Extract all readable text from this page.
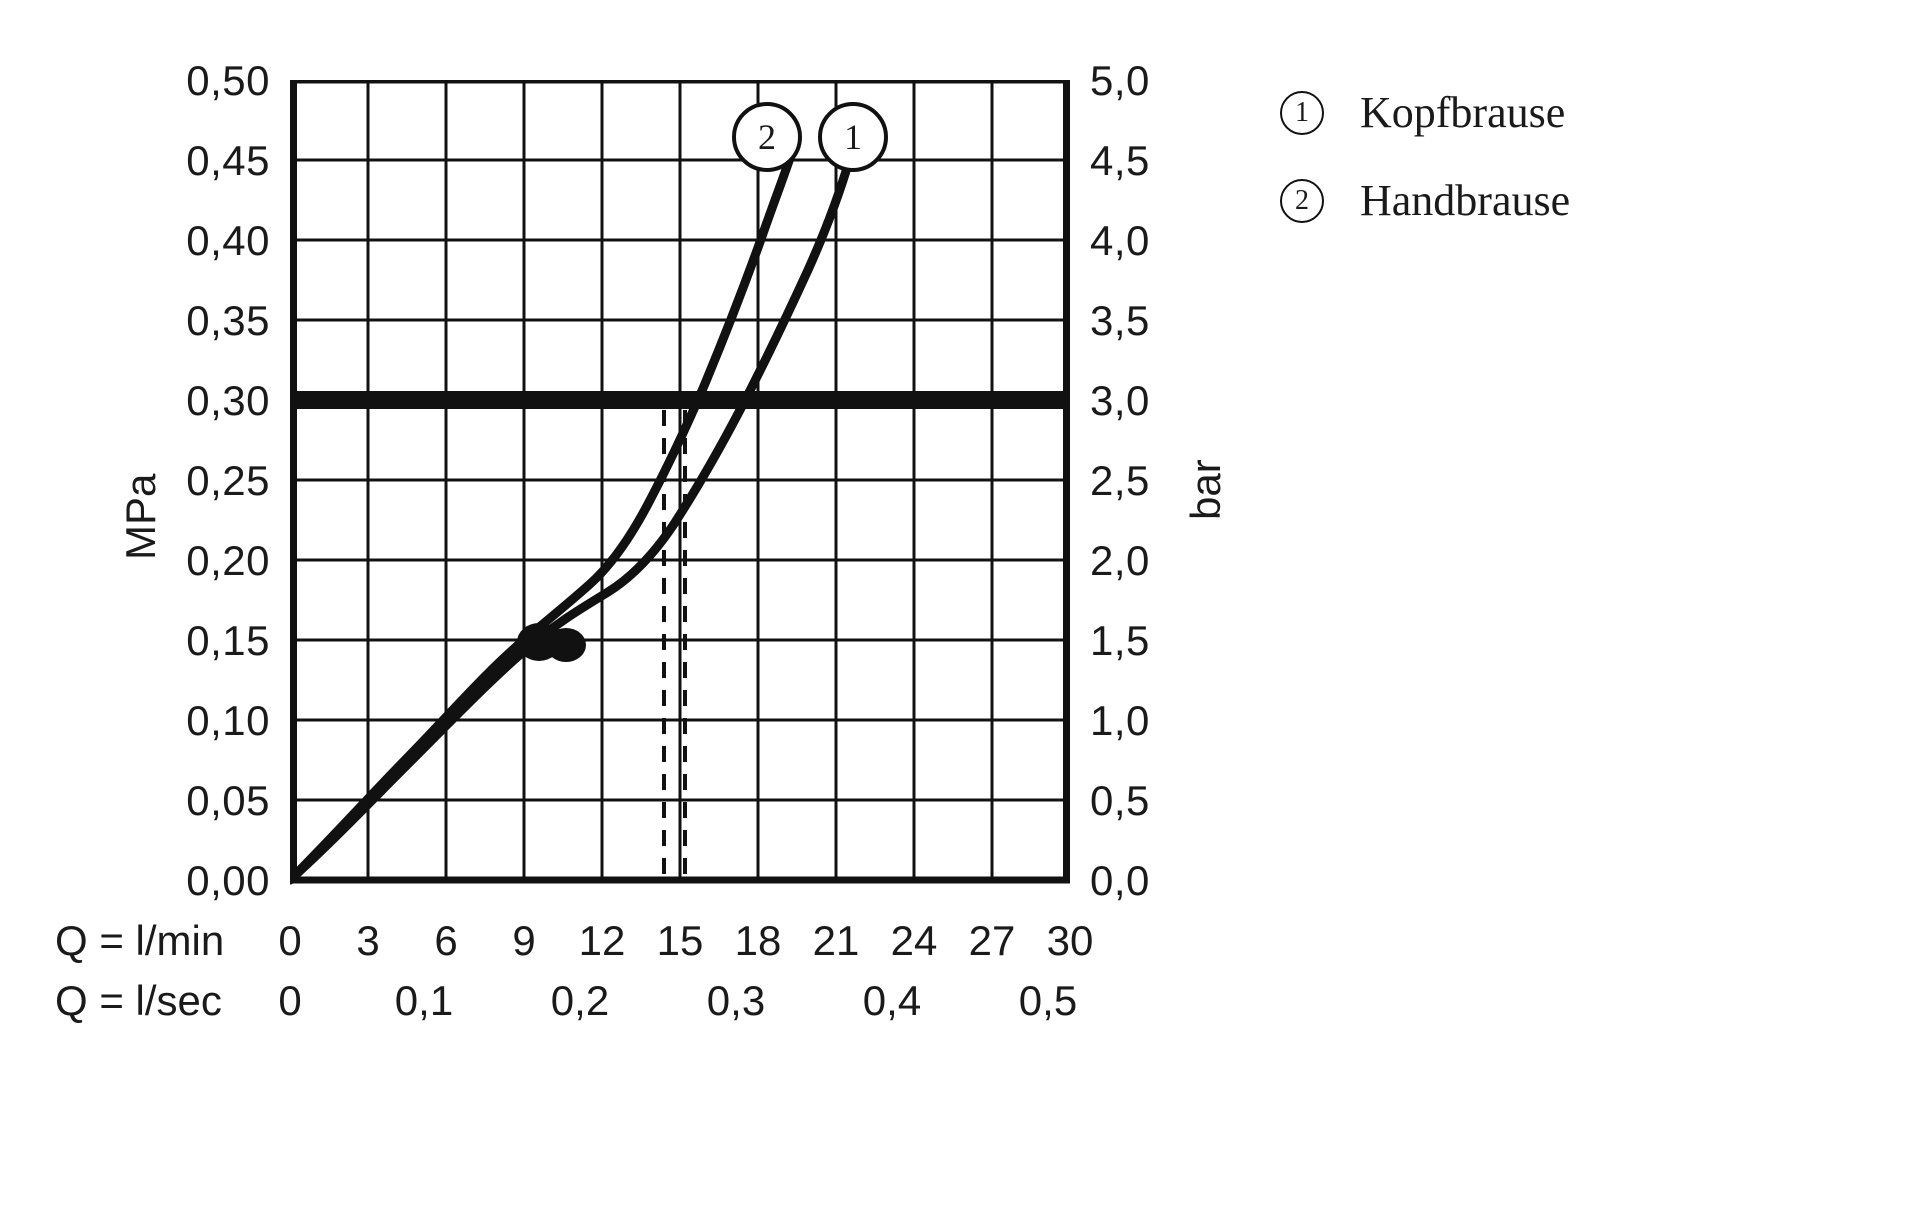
MPa	bar
2	1
0,00
0,05
0,10
0,15
0,20
0,25
0,30
0,35
0,40
0,45
0,50
0,0
0,5
1,0
1,5
2,0
2,5
3,0
3,5
4,0
4,5
5,0
Q = l/min	0	3	6	9	12 15 18 21 24 27 30
Q = l/sec	0	0,1	0,2	0,3	0,4	0,5
1	Kopfbrause
2	Handbrause
